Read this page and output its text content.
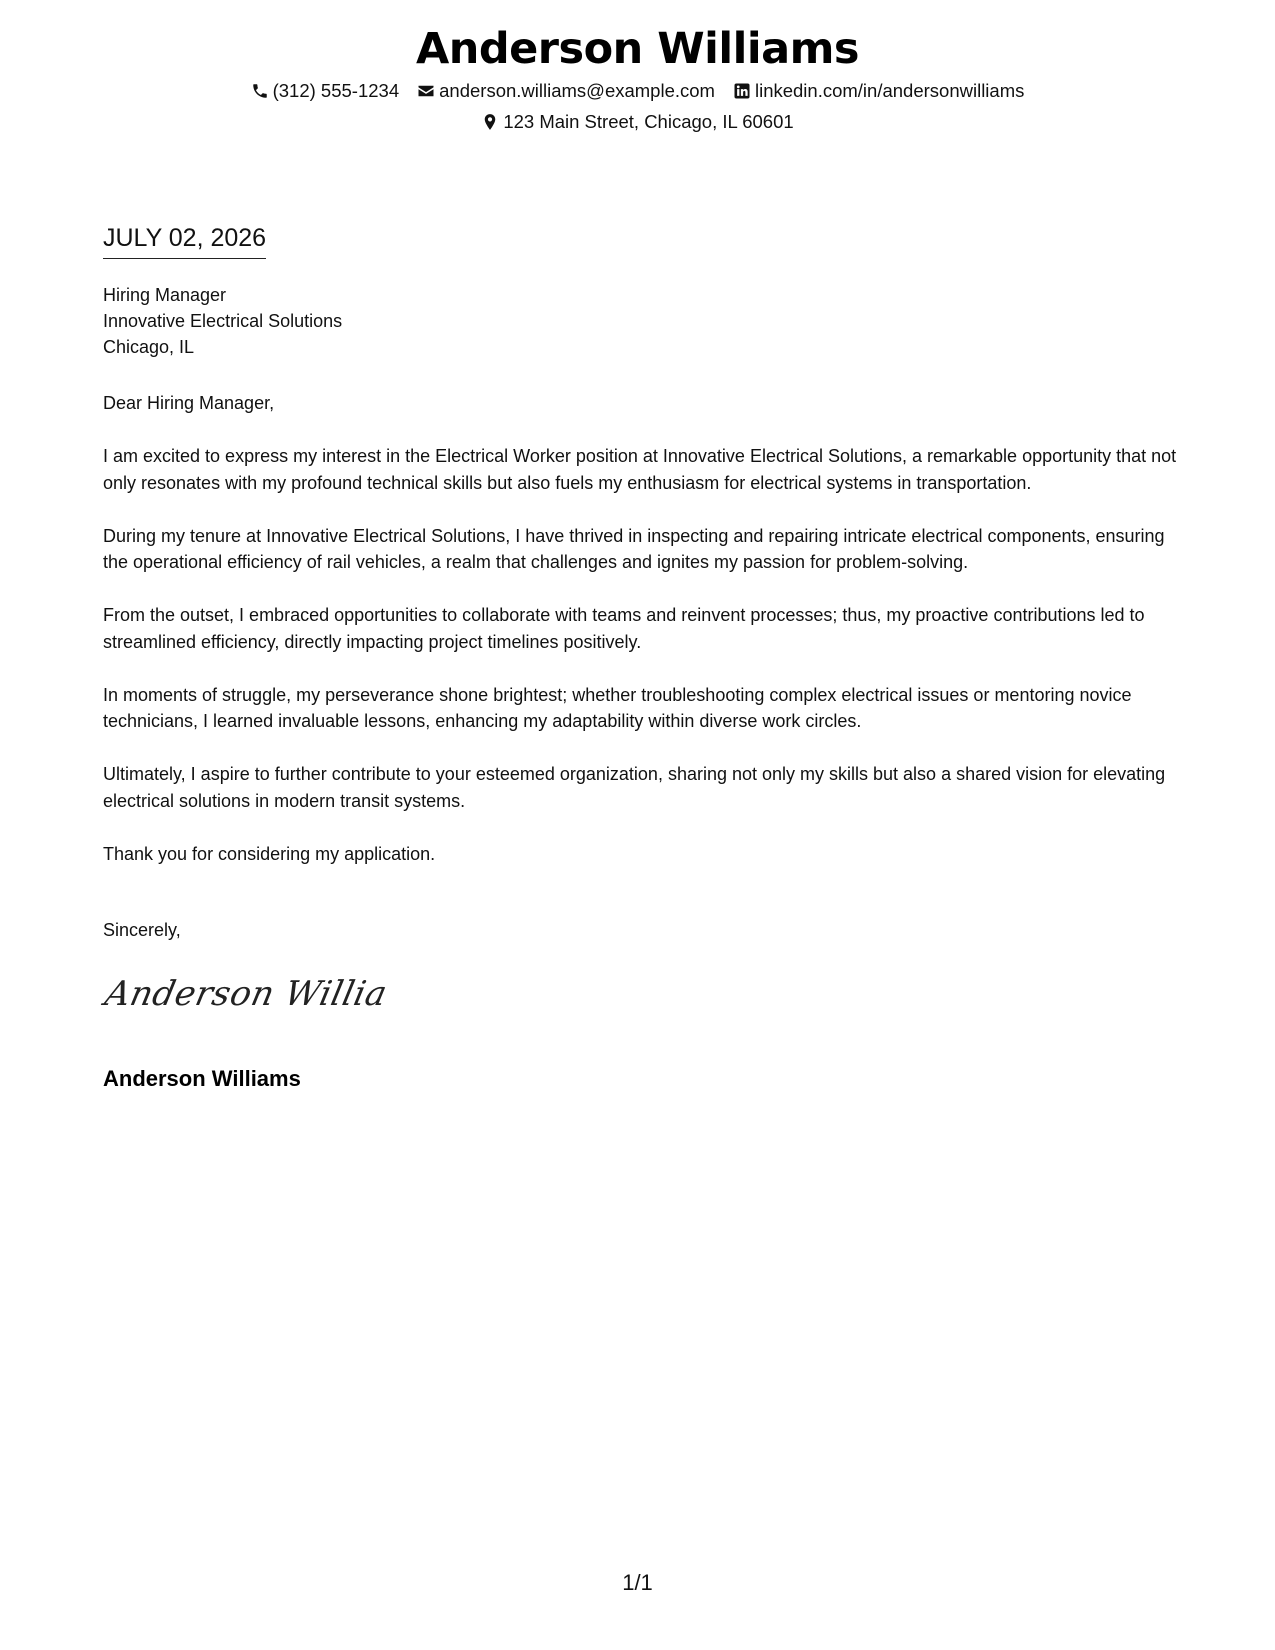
Anderson Williams
(312) 555-1234 anderson.williams@example.com linkedin.com/in/andersonwilliams
123 Main Street, Chicago, IL 60601
JULY 02, 2026
Hiring Manager
Innovative Electrical Solutions
Chicago, IL
Dear Hiring Manager,

I am excited to express my interest in the Electrical Worker position at Innovative Electrical Solutions, a remarkable opportunity that not only resonates with my profound technical skills but also fuels my enthusiasm for electrical systems in transportation.

During my tenure at Innovative Electrical Solutions, I have thrived in inspecting and repairing intricate electrical components, ensuring the operational efficiency of rail vehicles, a realm that challenges and ignites my passion for problem-solving.

From the outset, I embraced opportunities to collaborate with teams and reinvent processes; thus, my proactive contributions led to streamlined efficiency, directly impacting project timelines positively.

In moments of struggle, my perseverance shone brightest; whether troubleshooting complex electrical issues or mentoring novice technicians, I learned invaluable lessons, enhancing my adaptability within diverse work circles.

Ultimately, I aspire to further contribute to your esteemed organization, sharing not only my skills but also a shared vision for elevating electrical solutions in modern transit systems.

Thank you for considering my application.

Sincerely,
Anderson Willia
Anderson Williams
1/1
